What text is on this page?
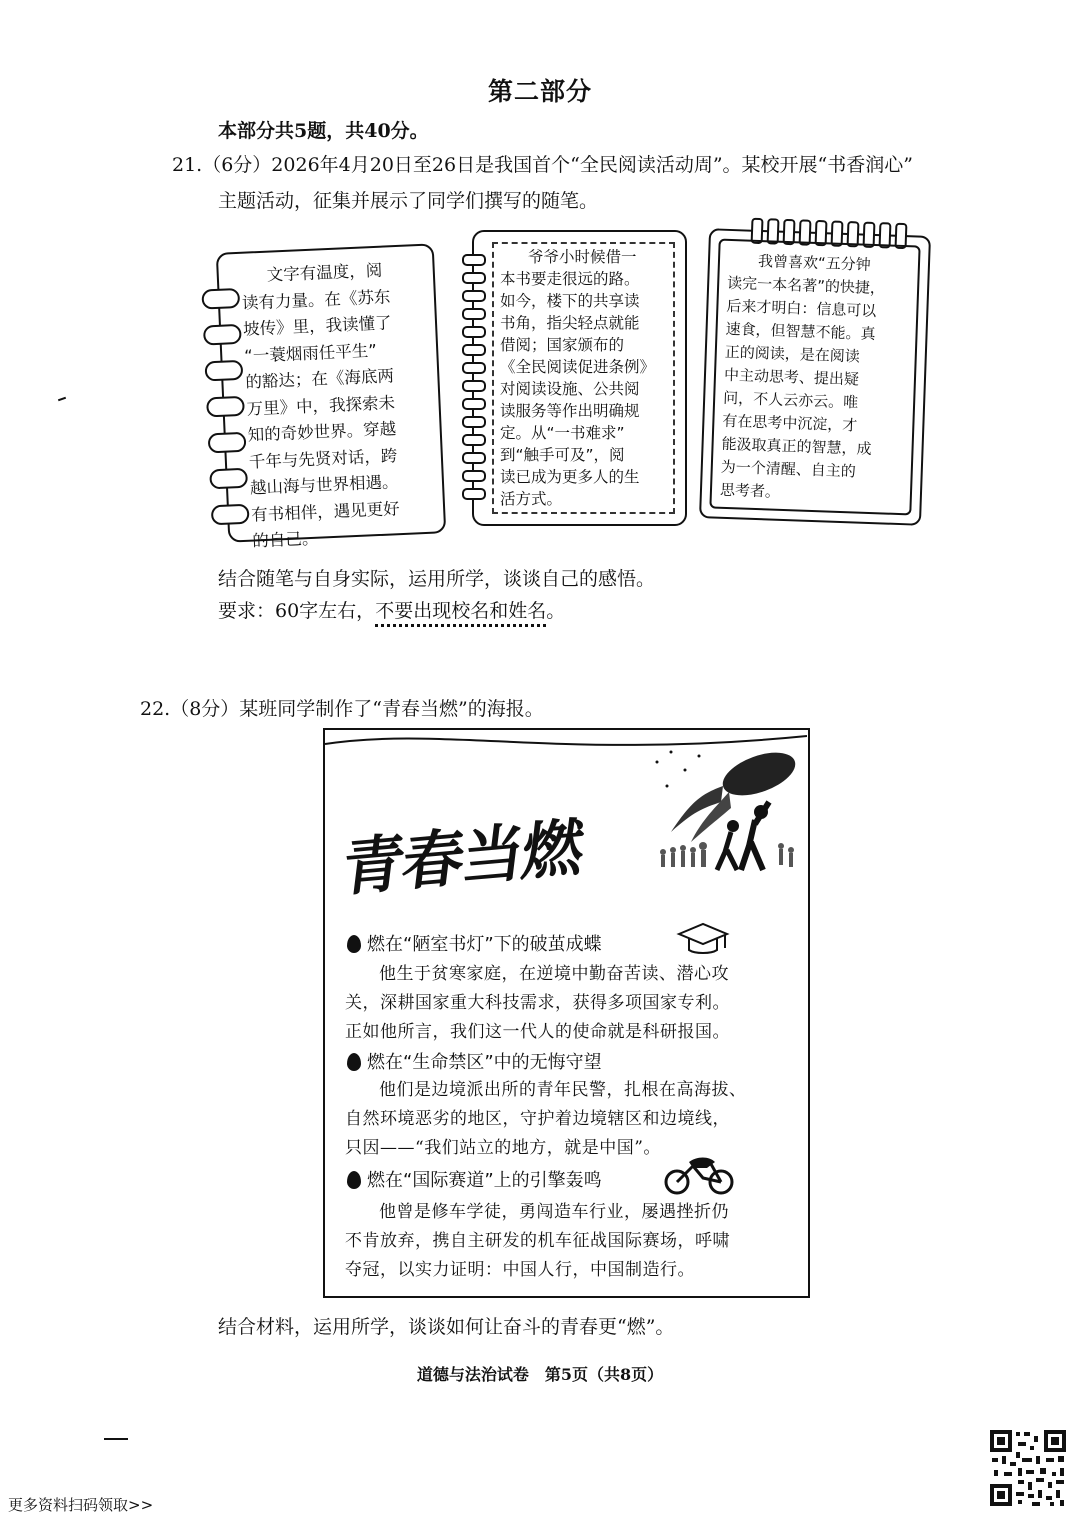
第二部分
本部分共5题，共40分。
21.（6分）2026年4月20日至26日是我国首个“全民阅读活动周”。某校开展“书香润心”
主题活动，征集并展示了同学们撰写的随笔。
文字有温度，阅
读有力量。在《苏东
坡传》里，我读懂了
“一蓑烟雨任平生”
的豁达；在《海底两
万里》中，我探索未
知的奇妙世界。穿越
千年与先贤对话，跨
越山海与世界相遇。
有书相伴，遇见更好
的自己。
爷爷小时候借一
本书要走很远的路。
如今，楼下的共享读
书角，指尖轻点就能
借阅；国家颁布的
《全民阅读促进条例》
对阅读设施、公共阅
读服务等作出明确规
定。从“一书难求”
到“触手可及”，阅
读已成为更多人的生
活方式。
我曾喜欢“五分钟
读完一本名著”的快捷，
后来才明白：信息可以
速食，但智慧不能。真
正的阅读，是在阅读
中主动思考、提出疑
问，不人云亦云。唯
有在思考中沉淀，才
能汲取真正的智慧，成
为一个清醒、自主的
思考者。
结合随笔与自身实际，运用所学，谈谈自己的感悟。
要求：60字左右，不要出现校名和姓名。
22.（8分）某班同学制作了“青春当燃”的海报。
青春当燃
燃在“陋室书灯”下的破茧成蝶
他生于贫寒家庭，在逆境中勤奋苦读、潜心攻
关，深耕国家重大科技需求，获得多项国家专利。
正如他所言，我们这一代人的使命就是科研报国。
燃在“生命禁区”中的无悔守望
他们是边境派出所的青年民警，扎根在高海拔、
自然环境恶劣的地区，守护着边境辖区和边境线，
只因——“我们站立的地方，就是中国”。
燃在“国际赛道”上的引擎轰鸣
他曾是修车学徒，勇闯造车行业，屡遇挫折仍
不肯放弃，携自主研发的机车征战国际赛场，呼啸
夺冠，以实力证明：中国人行，中国制造行。
结合材料，运用所学，谈谈如何让奋斗的青春更“燃”。
道德与法治试卷　第5页（共8页）
更多资料扫码领取>>
